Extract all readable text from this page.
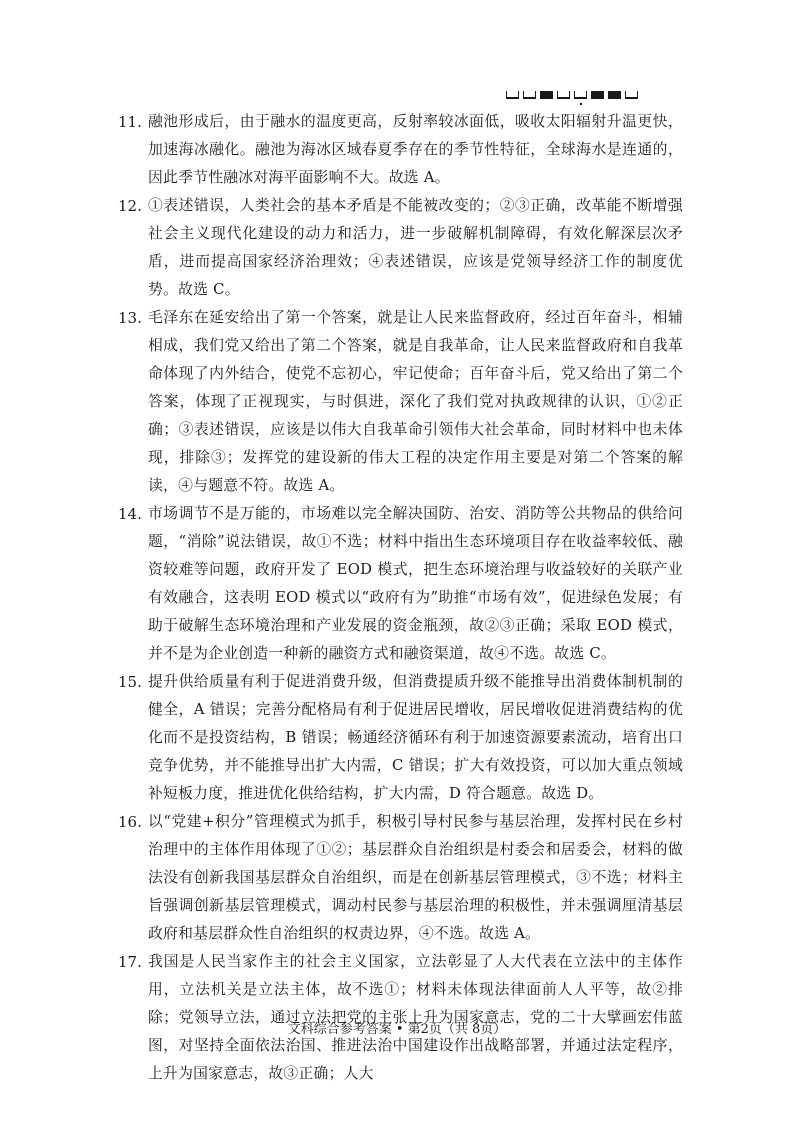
11. 融池形成后，由于融水的温度更高，反射率较冰面低，吸收太阳辐射升温更快，加速海冰融化。融池为海冰区域春夏季存在的季节性特征，全球海水是连通的，因此季节性融冰对海平面影响不大。故选 A。
12. ①表述错误，人类社会的基本矛盾是不能被改变的；②③正确，改革能不断增强社会主义现代化建设的动力和活力，进一步破解机制障碍，有效化解深层次矛盾，进而提高国家经济治理效；④表述错误，应该是党领导经济工作的制度优势。故选 C。
13. 毛泽东在延安给出了第一个答案，就是让人民来监督政府，经过百年奋斗，相辅相成，我们党又给出了第二个答案，就是自我革命，让人民来监督政府和自我革命体现了内外结合，使党不忘初心，牢记使命；百年奋斗后，党又给出了第二个答案，体现了正视现实，与时俱进，深化了我们党对执政规律的认识，①②正确；③表述错误，应该是以伟大自我革命引领伟大社会革命，同时材料中也未体现，排除③；发挥党的建设新的伟大工程的决定作用主要是对第二个答案的解读，④与题意不符。故选 A。
14. 市场调节不是万能的，市场难以完全解决国防、治安、消防等公共物品的供给问题，“消除”说法错误，故①不选；材料中指出生态环境项目存在收益率较低、融资较难等问题，政府开发了 EOD 模式，把生态环境治理与收益较好的关联产业有效融合，这表明 EOD 模式以“政府有为”助推“市场有效”，促进绿色发展；有助于破解生态环境治理和产业发展的资金瓶颈，故②③正确；采取 EOD 模式，并不是为企业创造一种新的融资方式和融资渠道，故④不选。故选 C。
15. 提升供给质量有利于促进消费升级，但消费提质升级不能推导出消费体制机制的健全，A 错误；完善分配格局有利于促进居民增收，居民增收促进消费结构的优化而不是投资结构，B 错误；畅通经济循环有利于加速资源要素流动，培育出口竞争优势，并不能推导出扩大内需，C 错误；扩大有效投资，可以加大重点领域补短板力度，推进优化供给结构，扩大内需，D 符合题意。故选 D。
16. 以“党建+积分”管理模式为抓手，积极引导村民参与基层治理，发挥村民在乡村治理中的主体作用体现了①②；基层群众自治组织是村委会和居委会，材料的做法没有创新我国基层群众自治组织，而是在创新基层管理模式，③不选；材料主旨强调创新基层管理模式，调动村民参与基层治理的积极性，并未强调厘清基层政府和基层群众性自治组织的权责边界，④不选。故选 A。
17. 我国是人民当家作主的社会主义国家，立法彰显了人大代表在立法中的主体作用，立法机关是立法主体，故不选①；材料未体现法律面前人人平等，故②排除；党领导立法，通过立法把党的主张上升为国家意志，党的二十大擘画宏伟蓝图，对坚持全面依法治国、推进法治中国建设作出战略部署，并通过法定程序，上升为国家意志，故③正确；人大
文科综合参考答案 • 第2页（共 8页）
